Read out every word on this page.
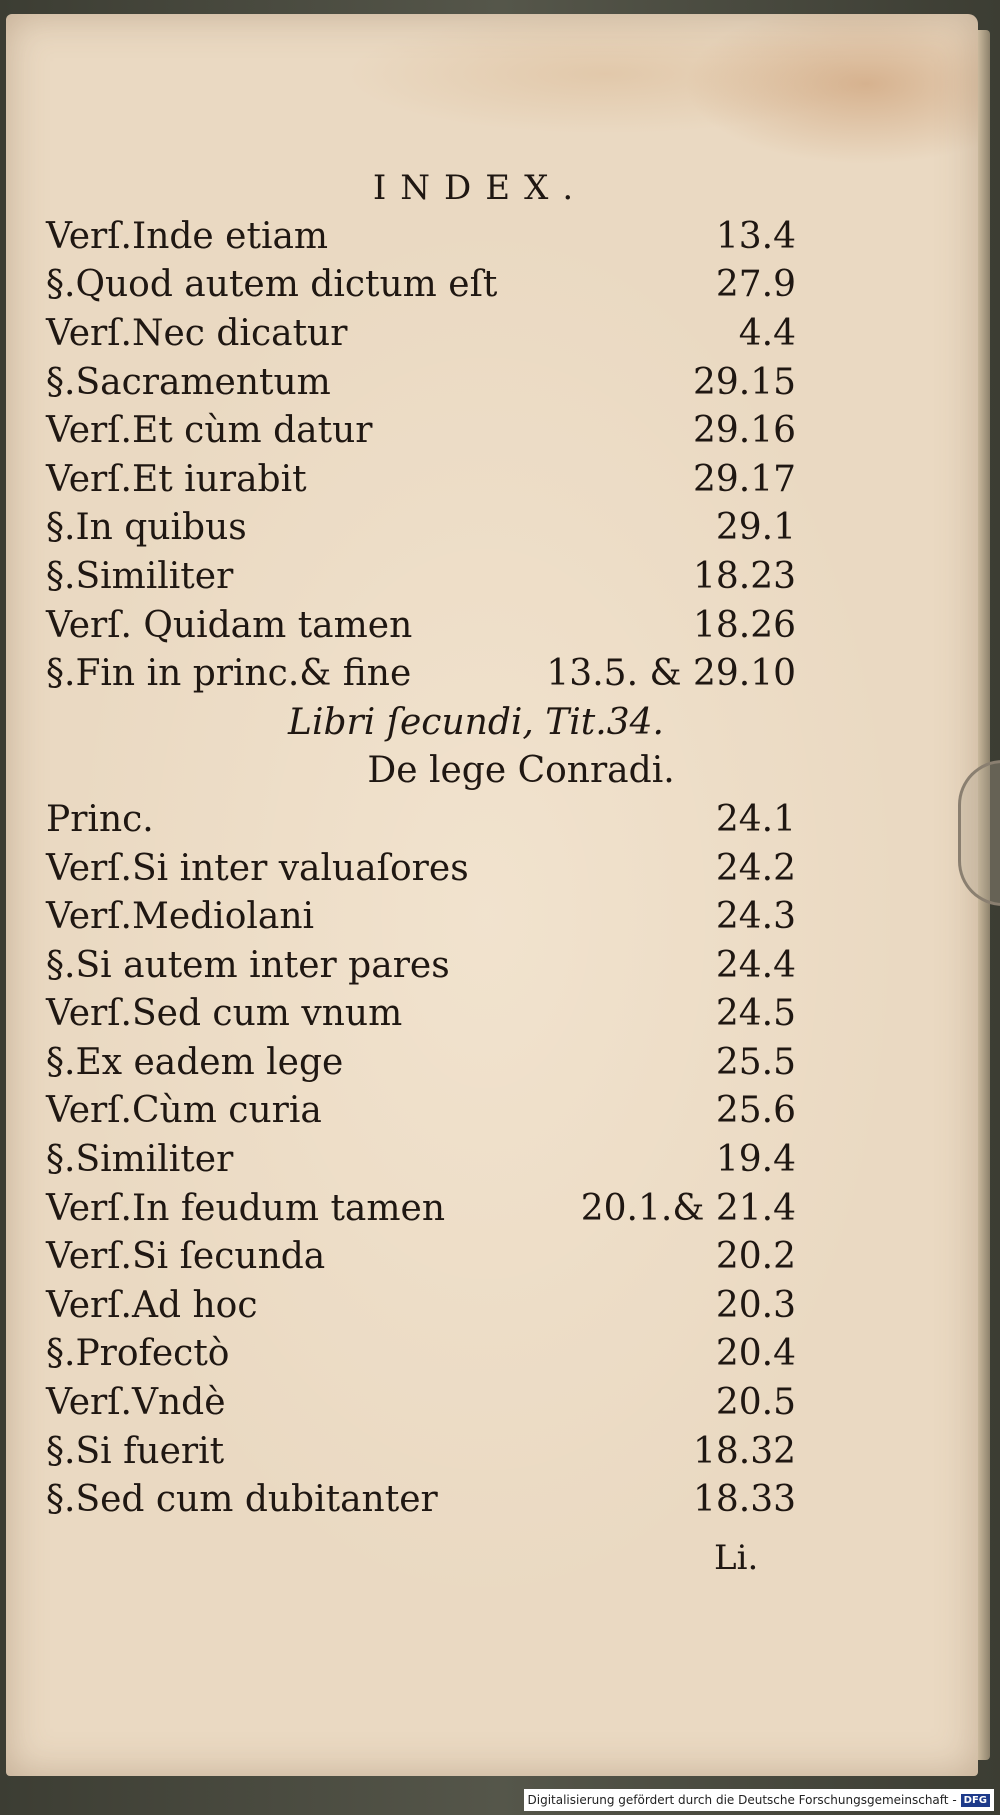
INDEX.
Verſ.Inde etiam	13.4
§.Quod autem dictum eſt	27.9
Verſ.Nec dicatur	4.4
§.Sacramentum	29.15
Verſ.Et cùm datur	29.16
Verſ.Et iurabit	29.17
§.In quibus	29.1
§.Similiter	18.23
Verſ. Quidam tamen	18.26
§.Fin in princ.& fine	13.5. & 29.10
Libri ſecundi, Tit.34.
De lege Conradi.
Princ.	24.1
Verſ.Si inter valuaſores	24.2
Verſ.Mediolani	24.3
§.Si autem inter pares	24.4
Verſ.Sed cum vnum	24.5
§.Ex eadem lege	25.5
Verſ.Cùm curia	25.6
§.Similiter	19.4
Verſ.In feudum tamen	20.1.& 21.4
Verſ.Si ſecunda	20.2
Verſ.Ad hoc	20.3
§.Profectò	20.4
Verſ.Vndè	20.5
§.Si fuerit	18.32
§.Sed cum dubitanter	18.33
Li.
Digitalisierung gefördert durch die Deutsche Forschungsgemeinschaft - DFG
